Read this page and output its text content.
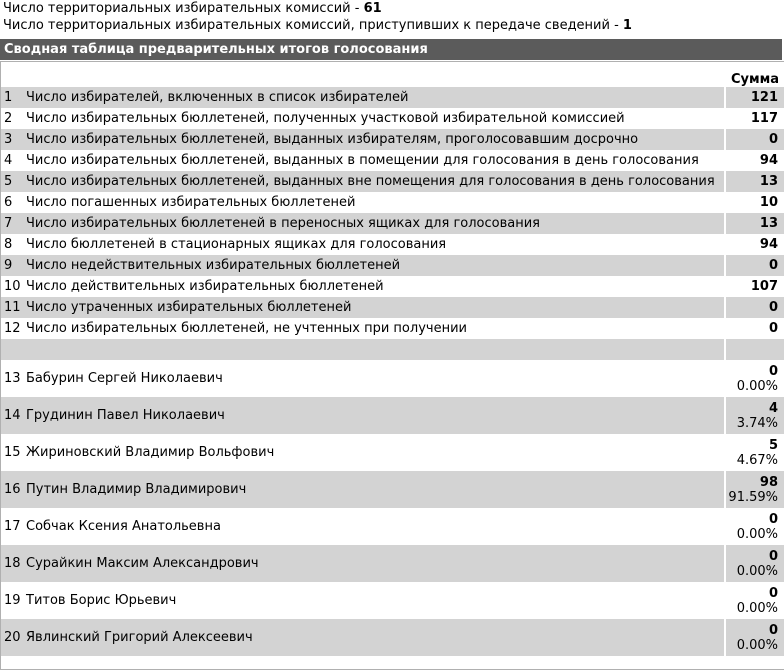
Число территориальных избирательных комиссий - 61
Число территориальных избирательных комиссий, приступивших к передаче сведений - 1
Сводная таблица предварительных итогов голосования
		Сумма
1	Число избирателей, включенных в список избирателей	121
2	Число избирательных бюллетеней, полученных участковой избирательной комиссией	117
3	Число избирательных бюллетеней, выданных избирателям, проголосовавшим досрочно	0
4	Число избирательных бюллетеней, выданных в помещении для голосования в день голосования	94
5	Число избирательных бюллетеней, выданных вне помещения для голосования в день голосования	13
6	Число погашенных избирательных бюллетеней	10
7	Число избирательных бюллетеней в переносных ящиках для голосования	13
8	Число бюллетеней в стационарных ящиках для голосования	94
9	Число недействительных избирательных бюллетеней	0
10	Число действительных избирательных бюллетеней	107
11	Число утраченных избирательных бюллетеней	0
12	Число избирательных бюллетеней, не учтенных при получении	0

13	Бабурин Сергей Николаевич	0
0.00%

14	Грудинин Павел Николаевич	4
3.74%

15	Жириновский Владимир Вольфович	5
4.67%

16	Путин Владимир Владимирович	98
91.59%

17	Собчак Ксения Анатольевна	0
0.00%

18	Сурайкин Максим Александрович	0
0.00%

19	Титов Борис Юрьевич	0
0.00%

20	Явлинский Григорий Алексеевич	0
0.00%
